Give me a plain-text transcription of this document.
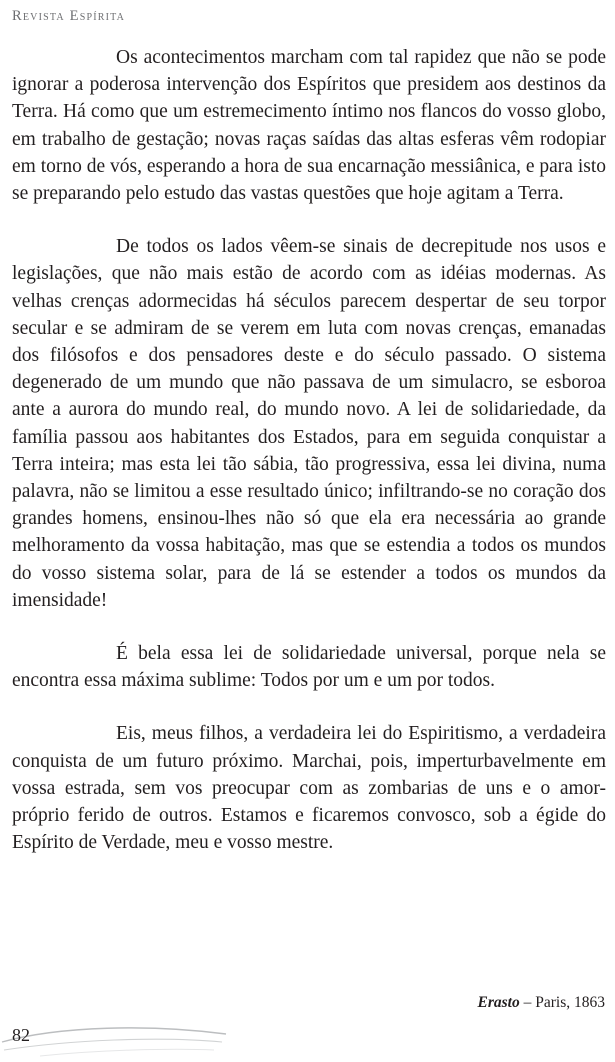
Revista Espírita

Os acontecimentos marcham com tal rapidez que não se pode ignorar a poderosa intervenção dos Espíritos que presidem aos destinos da Terra. Há como que um estremecimento íntimo nos flancos do vosso globo, em trabalho de gestação; novas raças saídas das altas esferas vêm rodopiar em torno de vós, esperando a hora de sua encarnação messiânica, e para isto se preparando pelo estudo das vastas questões que hoje agitam a Terra.

De todos os lados vêem-se sinais de decrepitude nos usos e legislações, que não mais estão de acordo com as idéias modernas. As velhas crenças adormecidas há séculos parecem despertar de seu torpor secular e se admiram de se verem em luta com novas crenças, emanadas dos filósofos e dos pensadores deste e do século passado. O sistema degenerado de um mundo que não passava de um simulacro, se esboroa ante a aurora do mundo real, do mundo novo. A lei de solidariedade, da família passou aos habitantes dos Estados, para em seguida conquistar a Terra inteira; mas esta lei tão sábia, tão progressiva, essa lei divina, numa palavra, não se limitou a esse resultado único; infiltrando-se no coração dos grandes homens, ensinou-lhes não só que ela era necessária ao grande melhoramento da vossa habitação, mas que se estendia a todos os mundos do vosso sistema solar, para de lá se estender a todos os mundos da imensidade!

É bela essa lei de solidariedade universal, porque nela se encontra essa máxima sublime: Todos por um e um por todos.

Eis, meus filhos, a verdadeira lei do Espiritismo, a verdadeira conquista de um futuro próximo. Marchai, pois, imperturbavelmente em vossa estrada, sem vos preocupar com as zombarias de uns e o amor-próprio ferido de outros. Estamos e ficaremos convosco, sob a égide do Espírito de Verdade, meu e vosso mestre.

Erasto – Paris, 1863
82
